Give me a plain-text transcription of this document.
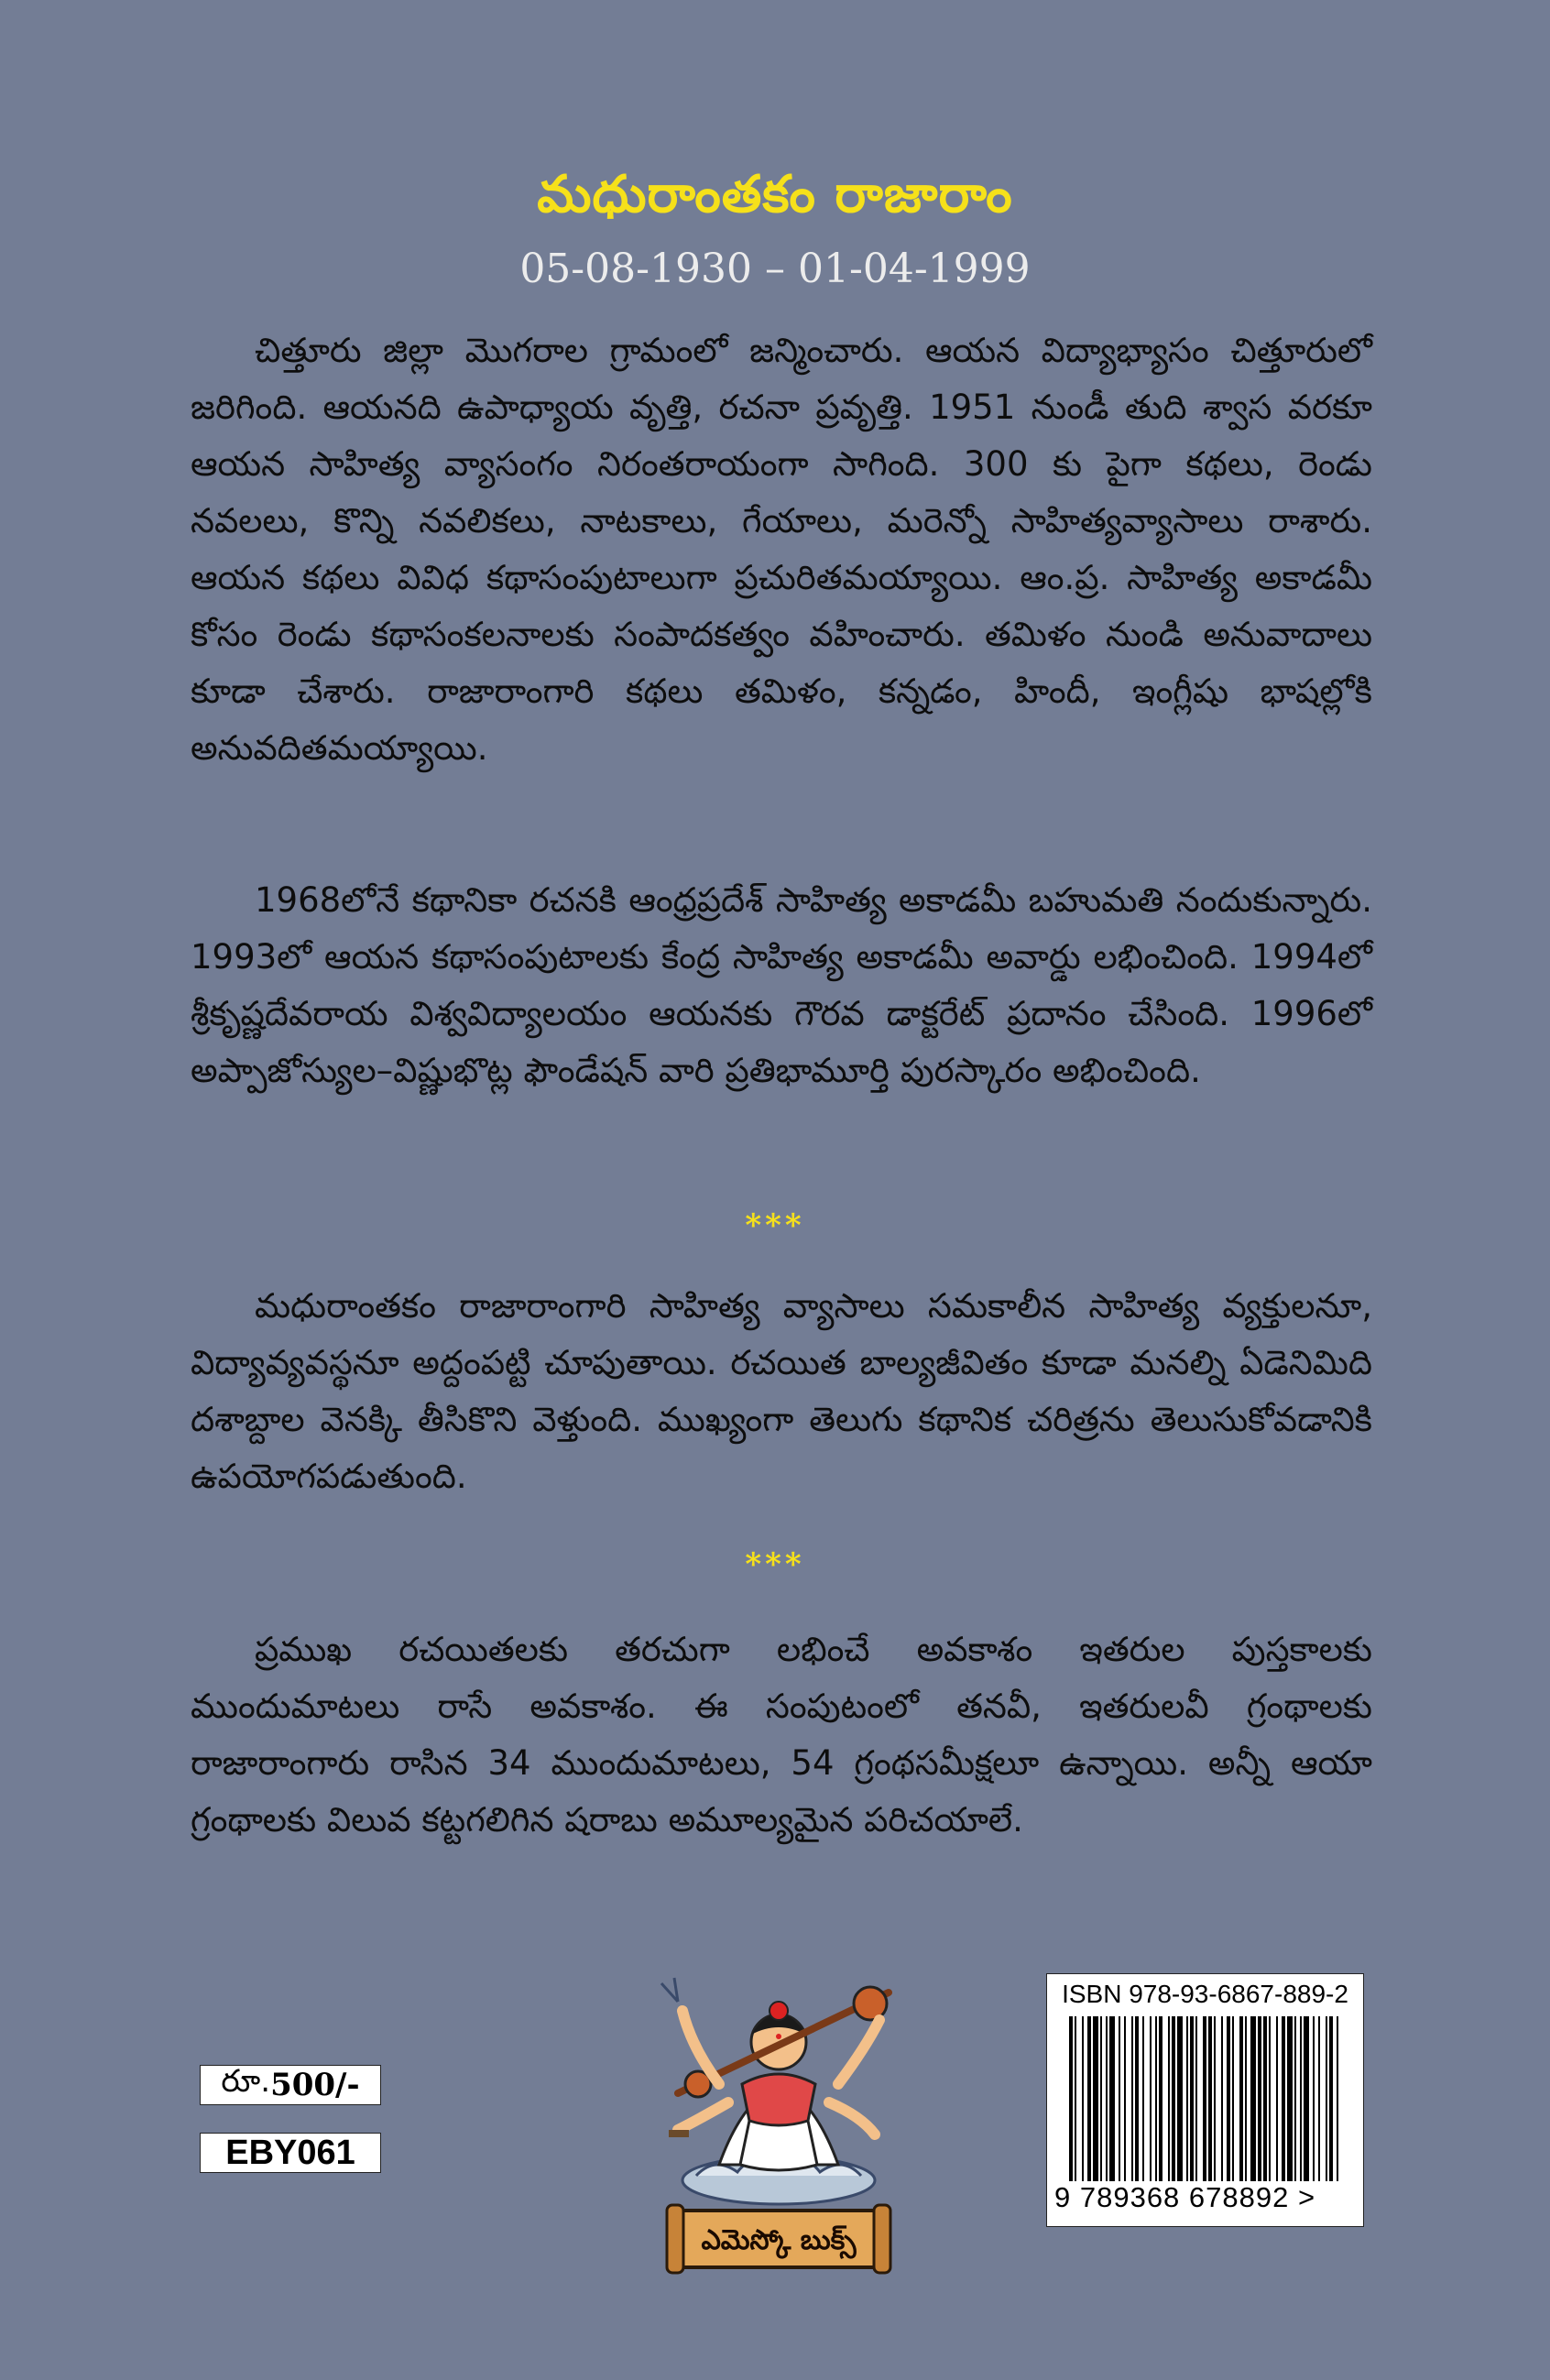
మధురాంతకం రాజారాం
05-08-1930 – 01-04-1999

చిత్తూరు జిల్లా మొగరాల గ్రామంలో జన్మించారు. ఆయన విద్యాభ్యాసం చిత్తూరులో జరిగింది. ఆయనది ఉపాధ్యాయ వృత్తి, రచనా ప్రవృత్తి. 1951 నుండీ తుది శ్వాస వరకూ ఆయన సాహిత్య వ్యాసంగం నిరంతరాయంగా సాగింది. 300 కు పైగా కథలు, రెండు నవలలు, కొన్ని నవలికలు, నాటకాలు, గేయాలు, మరెన్నో సాహిత్యవ్యాసాలు రాశారు. ఆయన కథలు వివిధ కథాసంపుటాలుగా ప్రచురితమయ్యాయి. ఆం.ప్ర. సాహిత్య అకాడమీ కోసం రెండు కథాసంకలనాలకు సంపాదకత్వం వహించారు. తమిళం నుండి అనువాదాలు కూడా చేశారు. రాజారాంగారి కథలు తమిళం, కన్నడం, హిందీ, ఇంగ్లీషు భాషల్లోకి అనువదితమయ్యాయి.

1968లోనే కథానికా రచనకి ఆంధ్రప్రదేశ్ సాహిత్య అకాడమీ బహుమతి నందుకున్నారు. 1993లో ఆయన కథాసంపుటాలకు కేంద్ర సాహిత్య అకాడమీ అవార్డు లభించింది. 1994లో శ్రీకృష్ణదేవరాయ విశ్వవిద్యాలయం ఆయనకు గౌరవ డాక్టరేట్ ప్రదానం చేసింది. 1996లో అప్పాజోస్యుల–విష్ణుభొట్ల ఫౌండేషన్ వారి ప్రతిభామూర్తి పురస్కారం అభించింది.

***

మధురాంతకం రాజారాంగారి సాహిత్య వ్యాసాలు సమకాలీన సాహిత్య వ్యక్తులనూ, విద్యావ్యవస్థనూ అద్దంపట్టి చూపుతాయి. రచయిత బాల్యజీవితం కూడా మనల్ని ఏడెనిమిది దశాబ్దాల వెనక్కి తీసికొని వెళ్తుంది. ముఖ్యంగా తెలుగు కథానిక చరిత్రను తెలుసుకోవడానికి ఉపయోగపడుతుంది.

***

ప్రముఖ రచయితలకు తరచుగా లభించే అవకాశం ఇతరుల పుస్తకాలకు ముందుమాటలు రాసే అవకాశం. ఈ సంపుటంలో తనవీ, ఇతరులవీ గ్రంథాలకు రాజారాంగారు రాసిన 34 ముందుమాటలు, 54 గ్రంథసమీక్షలూ ఉన్నాయి. అన్నీ ఆయా గ్రంథాలకు విలువ కట్టగలిగిన షరాబు అమూల్యమైన పరిచయాలే.

రూ. 500/-
EBY061
ఎమెస్కో బుక్స్
ISBN 978-93-6867-889-2
9 789368 678892 >
